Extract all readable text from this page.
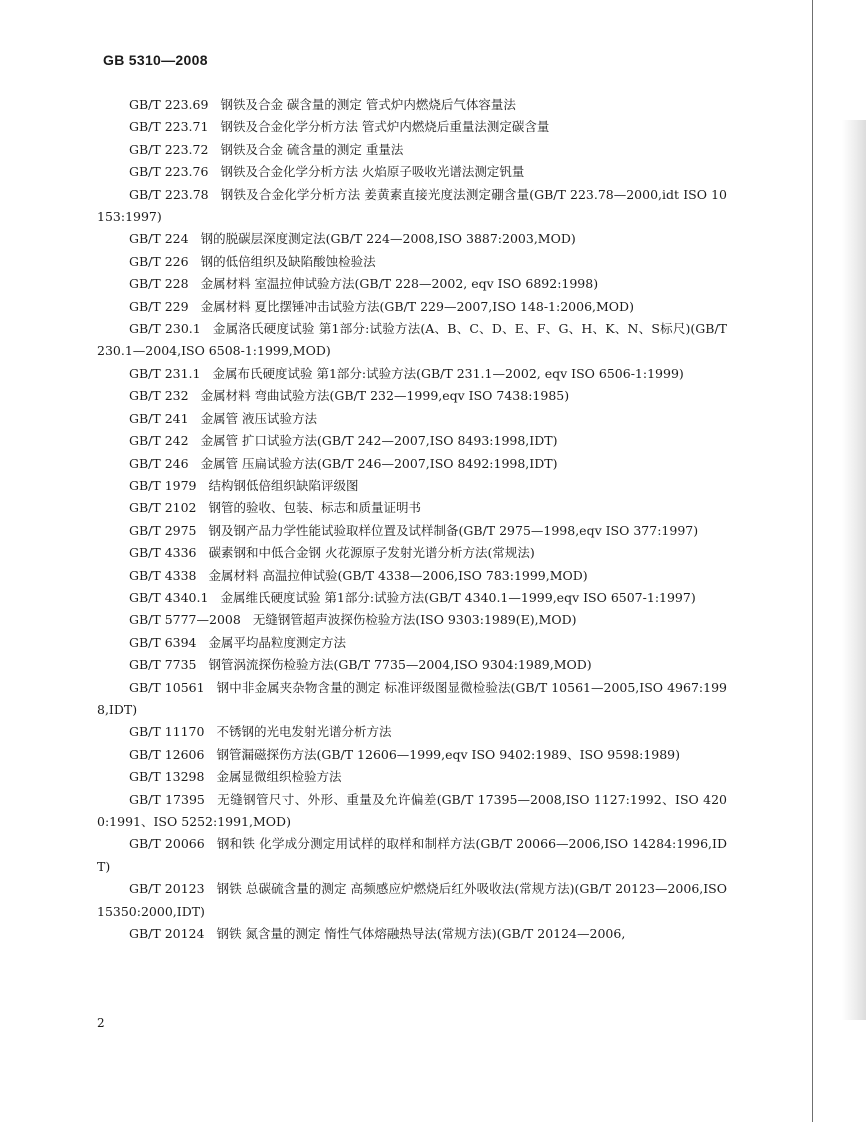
GB 5310—2008
GB/T 223.69 钢铁及合金 碳含量的测定 管式炉内燃烧后气体容量法
GB/T 223.71 钢铁及合金化学分析方法 管式炉内燃烧后重量法测定碳含量
GB/T 223.72 钢铁及合金 硫含量的测定 重量法
GB/T 223.76 钢铁及合金化学分析方法 火焰原子吸收光谱法测定钒量
GB/T 223.78 钢铁及合金化学分析方法 姜黄素直接光度法测定硼含量(GB/T 223.78—2000,idt ISO 10153:1997)
GB/T 224 钢的脱碳层深度测定法(GB/T 224—2008,ISO 3887:2003,MOD)
GB/T 226 钢的低倍组织及缺陷酸蚀检验法
GB/T 228 金属材料 室温拉伸试验方法(GB/T 228—2002, eqv ISO 6892:1998)
GB/T 229 金属材料 夏比摆锤冲击试验方法(GB/T 229—2007,ISO 148-1:2006,MOD)
GB/T 230.1 金属洛氏硬度试验 第1部分:试验方法(A、B、C、D、E、F、G、H、K、N、S标尺)(GB/T 230.1—2004,ISO 6508-1:1999,MOD)
GB/T 231.1 金属布氏硬度试验 第1部分:试验方法(GB/T 231.1—2002, eqv ISO 6506-1:1999)
GB/T 232 金属材料 弯曲试验方法(GB/T 232—1999,eqv ISO 7438:1985)
GB/T 241 金属管 液压试验方法
GB/T 242 金属管 扩口试验方法(GB/T 242—2007,ISO 8493:1998,IDT)
GB/T 246 金属管 压扁试验方法(GB/T 246—2007,ISO 8492:1998,IDT)
GB/T 1979 结构钢低倍组织缺陷评级图
GB/T 2102 钢管的验收、包装、标志和质量证明书
GB/T 2975 钢及钢产品力学性能试验取样位置及试样制备(GB/T 2975—1998,eqv ISO 377:1997)
GB/T 4336 碳素钢和中低合金钢 火花源原子发射光谱分析方法(常规法)
GB/T 4338 金属材料 高温拉伸试验(GB/T 4338—2006,ISO 783:1999,MOD)
GB/T 4340.1 金属维氏硬度试验 第1部分:试验方法(GB/T 4340.1—1999,eqv ISO 6507-1:1997)
GB/T 5777—2008 无缝钢管超声波探伤检验方法(ISO 9303:1989(E),MOD)
GB/T 6394 金属平均晶粒度测定方法
GB/T 7735 钢管涡流探伤检验方法(GB/T 7735—2004,ISO 9304:1989,MOD)
GB/T 10561 钢中非金属夹杂物含量的测定 标准评级图显微检验法(GB/T 10561—2005,ISO 4967:1998,IDT)
GB/T 11170 不锈钢的光电发射光谱分析方法
GB/T 12606 钢管漏磁探伤方法(GB/T 12606—1999,eqv ISO 9402:1989、ISO 9598:1989)
GB/T 13298 金属显微组织检验方法
GB/T 17395 无缝钢管尺寸、外形、重量及允许偏差(GB/T 17395—2008,ISO 1127:1992、ISO 4200:1991、ISO 5252:1991,MOD)
GB/T 20066 钢和铁 化学成分测定用试样的取样和制样方法(GB/T 20066—2006,ISO 14284:1996,IDT)
GB/T 20123 钢铁 总碳硫含量的测定 高频感应炉燃烧后红外吸收法(常规方法)(GB/T 20123—2006,ISO 15350:2000,IDT)
GB/T 20124 钢铁 氮含量的测定 惰性气体熔融热导法(常规方法)(GB/T 20124—2006,
2
